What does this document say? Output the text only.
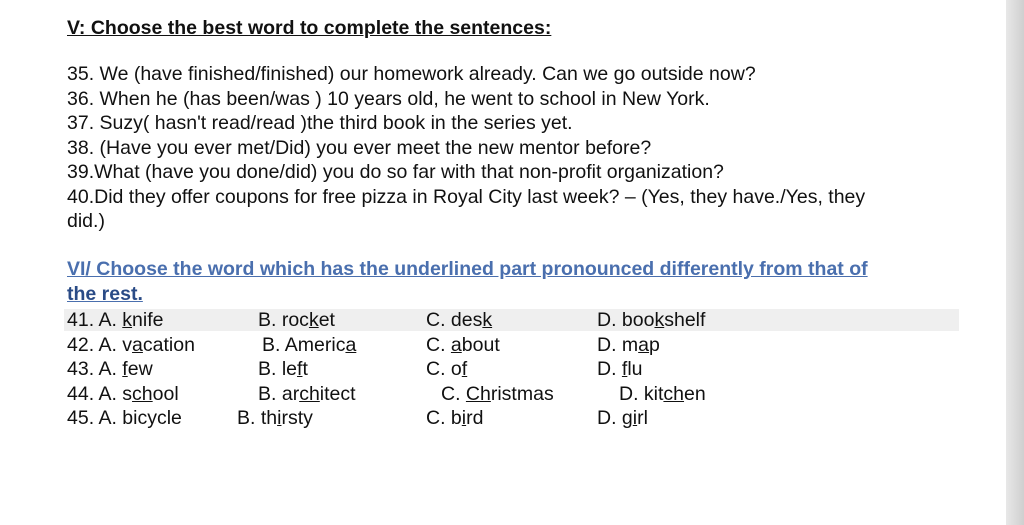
V: Choose the best word to complete the sentences:
35. We (have finished/finished) our homework already. Can we go outside now?
36. When he (has been/was ) 10 years old, he went to school in New York.
37. Suzy( hasn't read/read )the third book in the series yet.
38. (Have you ever met/Did) you ever meet the new mentor before?
39.What (have you done/did) you do so far with that non-profit organization?
40.Did they offer coupons for free pizza in Royal City last week? – (Yes, they have./Yes, they
did.)
VI/ Choose the word which has the underlined part pronounced differently from that of
the rest.
41. A. knife	B. rocket	C. desk	D. bookshelf
42. A. vacation	B. America	C. about	D. map
43. A. few	B. left	C. of	D. flu
44. A. school	B. architect	C. Christmas	D. kitchen
45. A. bicycle	B. thirsty	C. bird	D. girl
